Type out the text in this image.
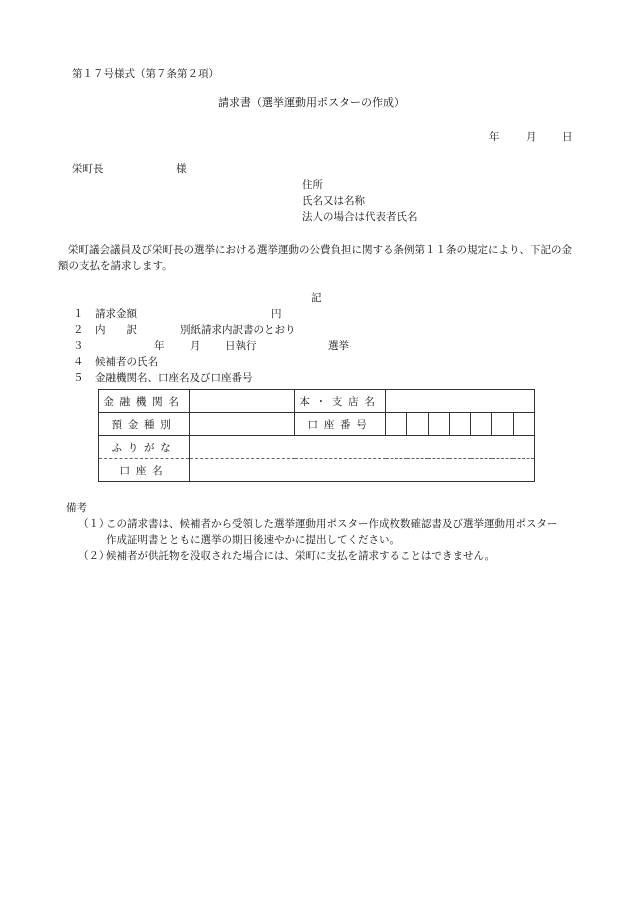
第１７号様式（第７条第２項）
請求書（選挙運動用ポスターの作成）
年	月 日
栄町長	様
住所
氏名又は名称
法人の場合は代表者氏名

栄町議会議員及び栄町長の選挙における選挙運動の公費負担に関する条例第１１条の規定により、下記の金額の支払を請求します。

記
１ 請求金額	円
２ 内　　訳	別紙請求内訳書のとおり
３	年 月 日執行	選挙
４ 候補者の氏名
５ 金融機関名、口座名及び口座番号
金融機関名		本・支店名							
預金種別		口座番号							
ふりがな									
口座名									
備考
（１）
この請求書は、候補者から受領した選挙運動用ポスター作成枚数確認書及び選挙運動用ポスター作成証明書とともに選挙の期日後速やかに提出してください。
（２）
候補者が供託物を没収された場合には、栄町に支払を請求することはできません。
